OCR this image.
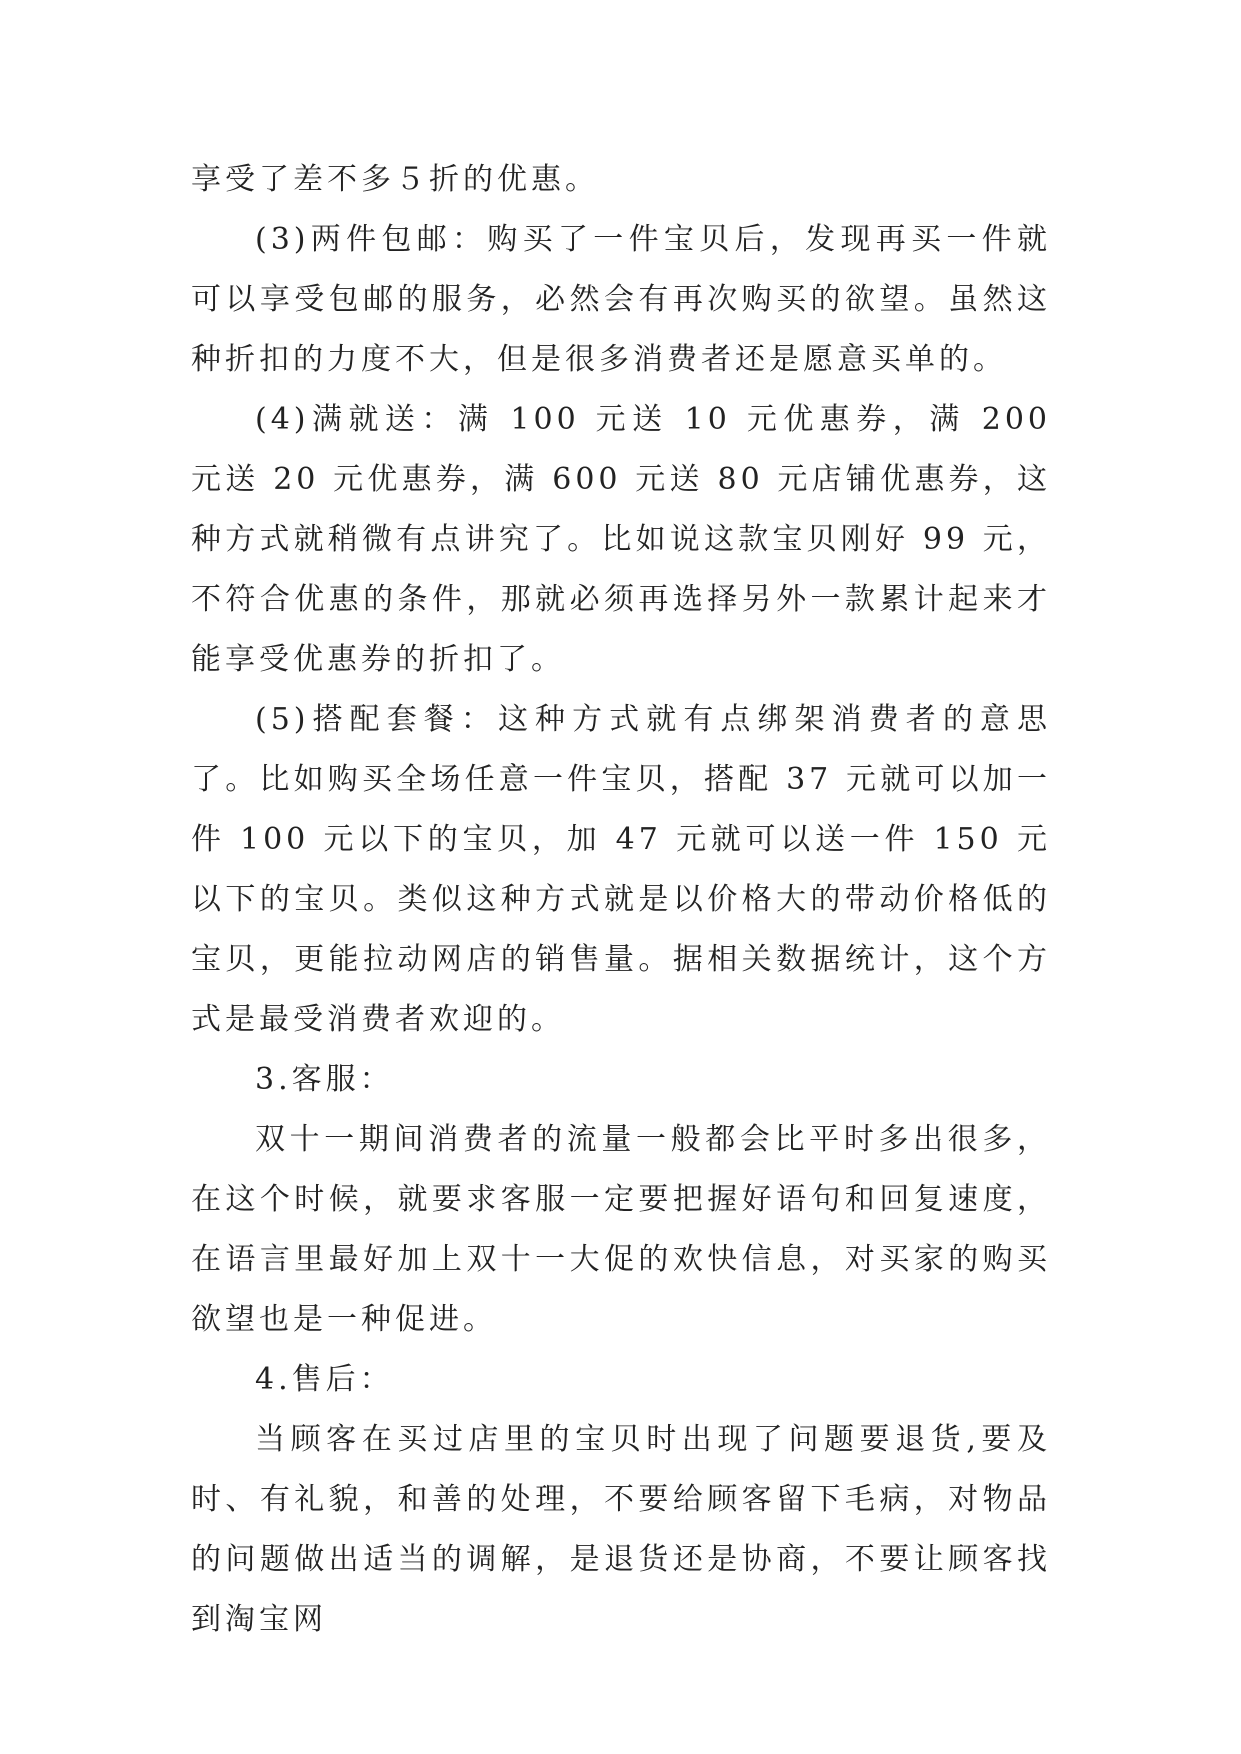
享受了差不多５折的优惠。

(3)两件包邮：购买了一件宝贝后，发现再买一件就可以享受包邮的服务，必然会有再次购买的欲望。虽然这种折扣的力度不大，但是很多消费者还是愿意买单的。

(4)满就送：满 100 元送 10 元优惠券，满 200 元送 20 元优惠券，满 600 元送 80 元店铺优惠券，这种方式就稍微有点讲究了。比如说这款宝贝刚好 99 元，不符合优惠的条件，那就必须再选择另外一款累计起来才能享受优惠券的折扣了。

(5)搭配套餐：这种方式就有点绑架消费者的意思了。比如购买全场任意一件宝贝，搭配 37 元就可以加一件 100 元以下的宝贝，加 47 元就可以送一件 150 元以下的宝贝。类似这种方式就是以价格大的带动价格低的宝贝，更能拉动网店的销售量。据相关数据统计，这个方式是最受消费者欢迎的。

3.客服：

双十一期间消费者的流量一般都会比平时多出很多，在这个时候，就要求客服一定要把握好语句和回复速度，在语言里最好加上双十一大促的欢快信息，对买家的购买欲望也是一种促进。

4.售后：

当顾客在买过店里的宝贝时出现了问题要退货,要及时、有礼貌，和善的处理，不要给顾客留下毛病，对物品的问题做出适当的调解，是退货还是协商，不要让顾客找到淘宝网
